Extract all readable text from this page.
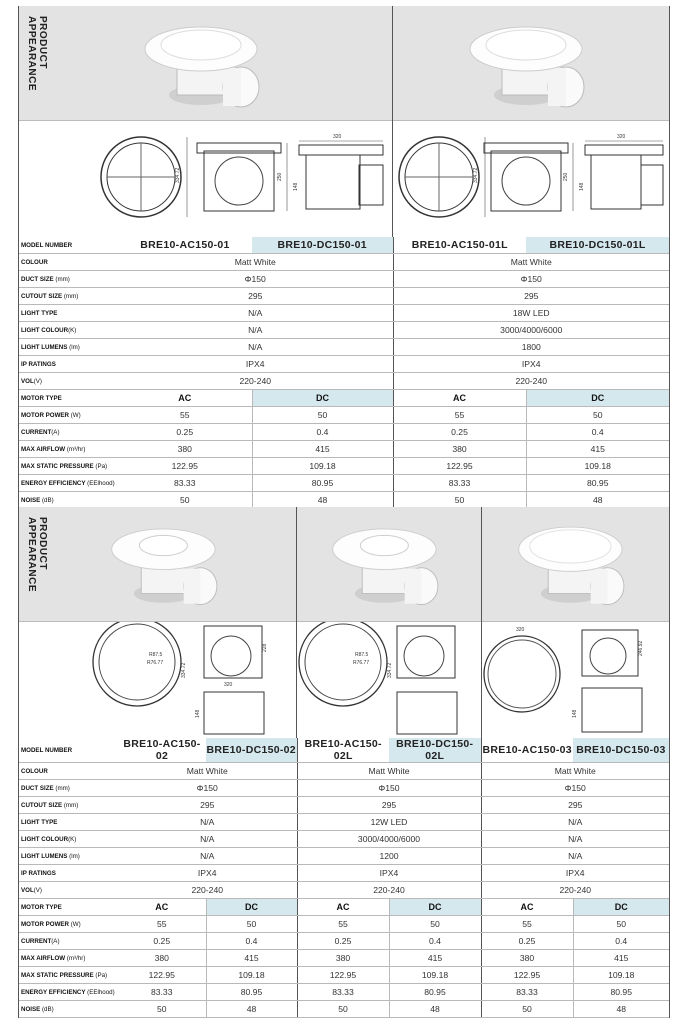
PRODUCT
APPEARANCE
334.72	250
320
148
334.72	250
320
148
MODEL NUMBER	BRE10-AC150-01	BRE10-DC150-01	BRE10-AC150-01L	BRE10-DC150-01L
COLOUR	Matt White		Matt White	
DUCT SIZE (mm)	Φ150		Φ150	
CUTOUT SIZE (mm)	295		295	
LIGHT TYPE	N/A		18W LED	
LIGHT COLOUR(K)	N/A		3000/4000/6000	
LIGHT LUMENS (lm)	N/A		1800	
IP RATINGS	IPX4		IPX4	
VOL(V)	220-240		220-240	
MOTOR TYPE	AC	DC	AC	DC
MOTOR POWER (W)	55	50	55	50
CURRENT(A)	0.25	0.4	0.25	0.4
MAX AIRFLOW (m³/hr)	380	415	380	415
MAX STATIC PRESSURE (Pa)	122.95	109.18	122.95	109.18
ENERGY EFFICIENCY (EElhood)	83.33	80.95	83.33	80.95
NOISE (dB)	50	48	50	48
PRODUCT
APPEARANCE
R87.5
R76.77	334.72
228
320
148
R87.5
R76.77	334.72
320
246.92
148
MODEL NUMBER	BRE10-AC150-02	BRE10-DC150-02	BRE10-AC150-02L	BRE10-DC150-02L	BRE10-AC150-03	BRE10-DC150-03
COLOUR	Matt White		Matt White		Matt White	
DUCT SIZE (mm)	Φ150		Φ150		Φ150	
CUTOUT SIZE (mm)	295		295		295	
LIGHT TYPE	N/A		12W LED		N/A	
LIGHT COLOUR(K)	N/A		3000/4000/6000		N/A	
LIGHT LUMENS (lm)	N/A		1200		N/A	
IP RATINGS	IPX4		IPX4		IPX4	
VOL(V)	220-240		220-240		220-240	
MOTOR TYPE	AC	DC	AC	DC	AC	DC
MOTOR POWER (W)	55	50	55	50	55	50
CURRENT(A)	0.25	0.4	0.25	0.4	0.25	0.4
MAX AIRFLOW (m³/hr)	380	415	380	415	380	415
MAX STATIC PRESSURE (Pa)	122.95	109.18	122.95	109.18	122.95	109.18
ENERGY EFFICIENCY (EElhood)	83.33	80.95	83.33	80.95	83.33	80.95
NOISE (dB)	50	48	50	48	50	48
